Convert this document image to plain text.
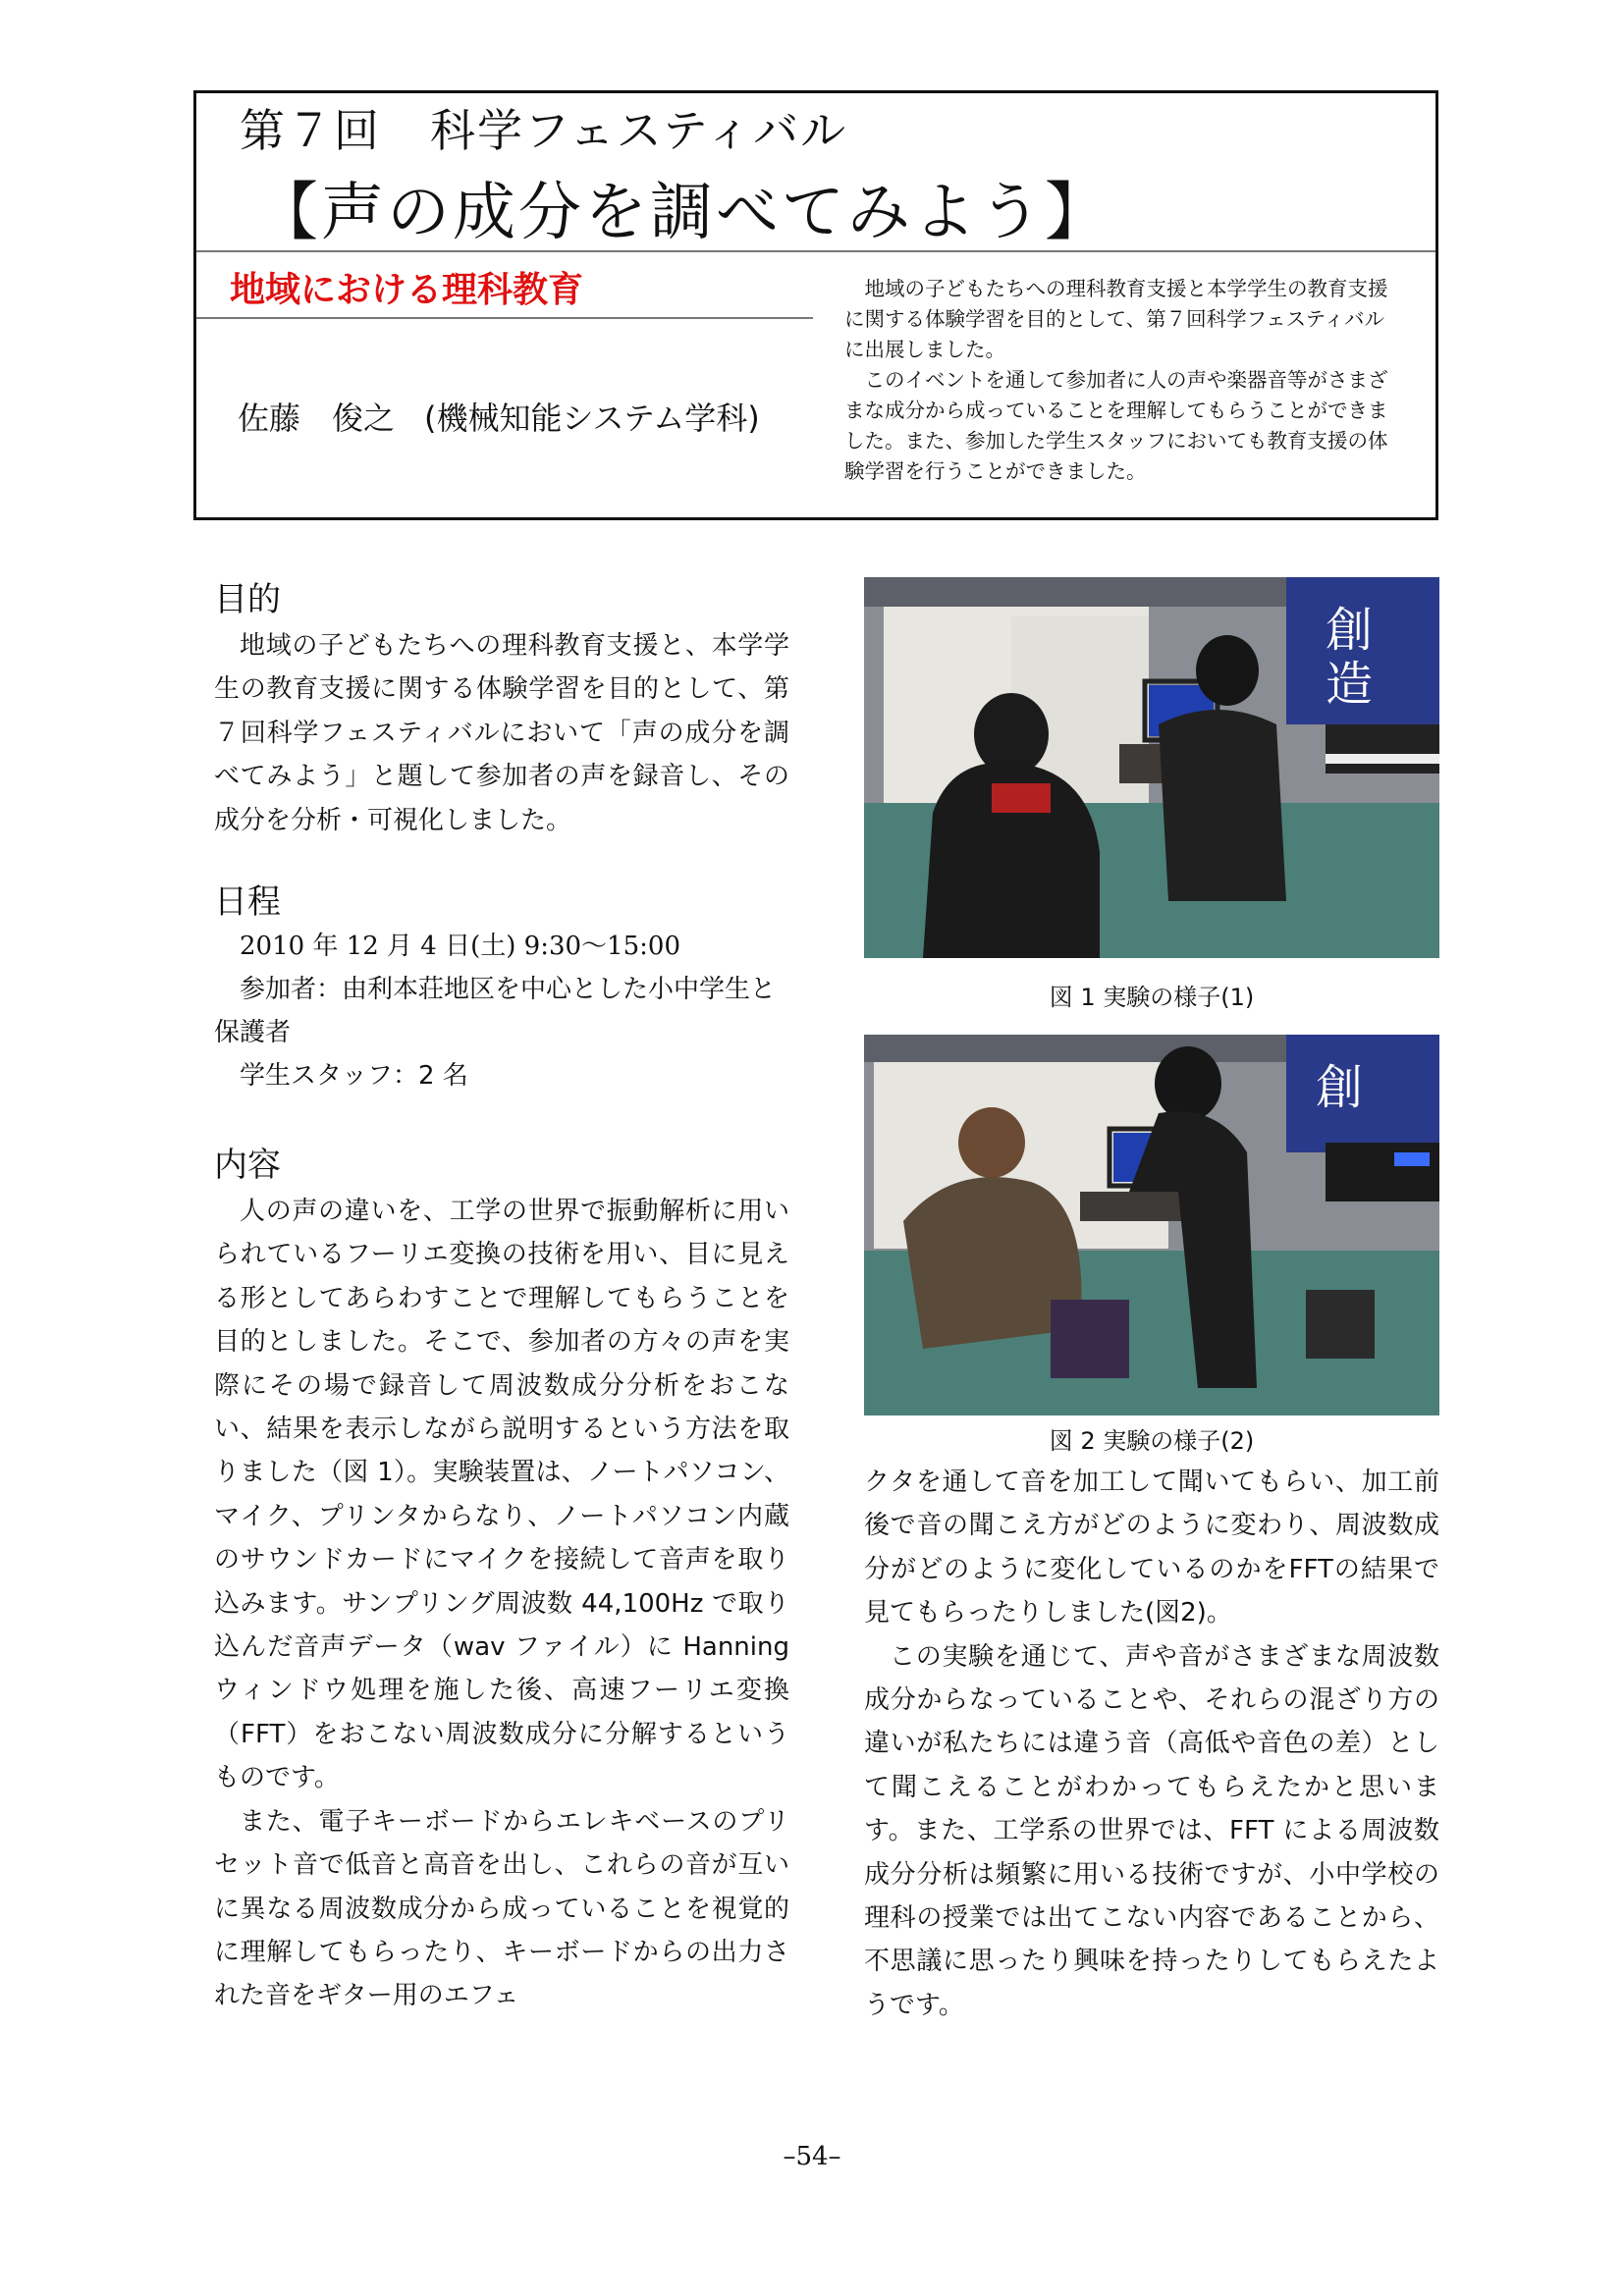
第７回 科学フェスティバル
【声の成分を調べてみよう】
地域における理科教育
佐藤　俊之 (機械知能システム学科)

地域の子どもたちへの理科教育支援と本学学生の教育支援に関する体験学習を目的として、第７回科学フェスティバルに出展しました。

このイベントを通して参加者に人の声や楽器音等がさまざまな成分から成っていることを理解してもらうことができました。また、参加した学生スタッフにおいても教育支援の体験学習を行うことができました。

目的

地域の子どもたちへの理科教育支援と、本学学生の教育支援に関する体験学習を目的として、第７回科学フェスティバルにおいて「声の成分を調べてみよう」と題して参加者の声を録音し、その成分を分析・可視化しました。

日程

2010 年 12 月 4 日(土) 9:30〜15:00

参加者：由利本荘地区を中心とした小中学生と保護者

学生スタッフ：2 名

内容

人の声の違いを、工学の世界で振動解析に用いられているフーリエ変換の技術を用い、目に見える形としてあらわすことで理解してもらうことを目的としました。そこで、参加者の方々の声を実際にその場で録音して周波数成分分析をおこない、結果を表示しながら説明するという方法を取りました（図 1）。実験装置は、ノートパソコン、マイク、プリンタからなり、ノートパソコン内蔵のサウンドカードにマイクを接続して音声を取り込みます。サンプリング周波数 44,100Hz で取り込んだ音声データ（wav ファイル）に Hanning ウィンドウ処理を施した後、高速フーリエ変換（FFT）をおこない周波数成分に分解するというものです。

また、電子キーボードからエレキベースのプリセット音で低音と高音を出し、これらの音が互いに異なる周波数成分から成っていることを視覚的に理解してもらったり、キーボードからの出力された音をギター用のエフェ

創
造
図 1 実験の様子(1)
創
図 2 実験の様子(2)

クタを通して音を加工して聞いてもらい、加工前後で音の聞こえ方がどのように変わり、周波数成分がどのように変化しているのかをFFTの結果で見てもらったりしました(図2)。

この実験を通じて、声や音がさまざまな周波数成分からなっていることや、それらの混ざり方の違いが私たちには違う音（高低や音色の差）として聞こえることがわかってもらえたかと思います。また、工学系の世界では、FFT による周波数成分分析は頻繁に用いる技術ですが、小中学校の理科の授業では出てこない内容であることから、不思議に思ったり興味を持ったりしてもらえたようです。

–54–
